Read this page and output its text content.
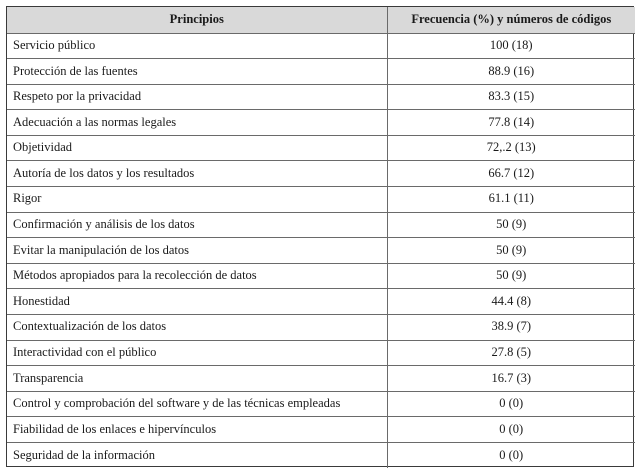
Principios	Frecuencia (%) y números de códigos
Servicio público	100 (18)
Protección de las fuentes	88.9 (16)
Respeto por la privacidad	83.3 (15)
Adecuación a las normas legales	77.8 (14)
Objetividad	72,.2 (13)
Autoría de los datos y los resultados	66.7 (12)
Rigor	61.1 (11)
Confirmación y análisis de los datos	50 (9)
Evitar la manipulación de los datos	50 (9)
Métodos apropiados para la recolección de datos	50 (9)
Honestidad	44.4 (8)
Contextualización de los datos	38.9 (7)
Interactividad con el público	27.8 (5)
Transparencia	16.7 (3)
Control y comprobación del software y de las técnicas empleadas	0 (0)
Fiabilidad de los enlaces e hipervínculos	0 (0)
Seguridad de la información	0 (0)
